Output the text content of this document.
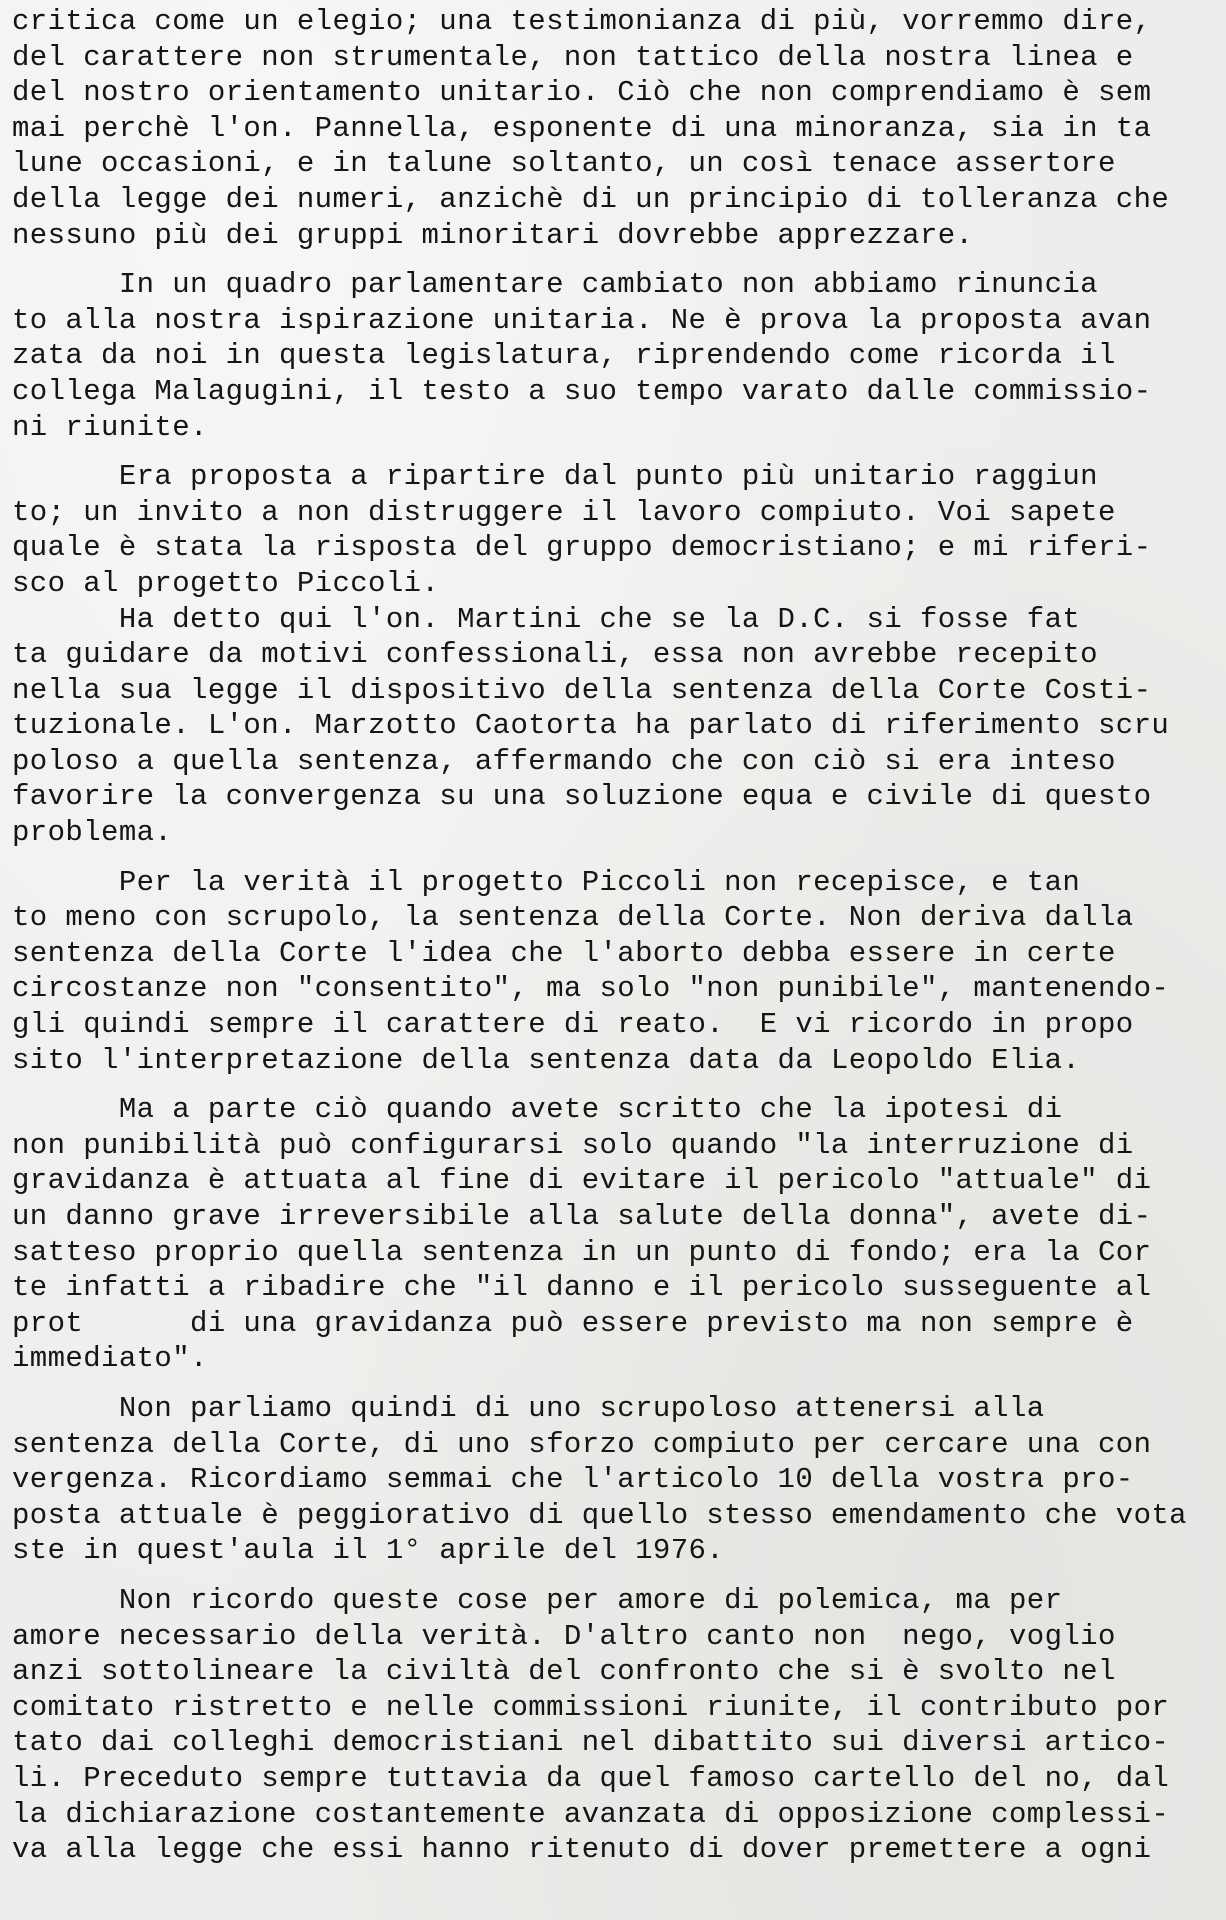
critica come un elegio; una testimonianza di più, vorremmo dire,
del carattere non strumentale, non tattico della nostra linea e
del nostro orientamento unitario. Ciò che non comprendiamo è sem
mai perchè l'on. Pannella, esponente di una minoranza, sia in ta
lune occasioni, e in talune soltanto, un così tenace assertore
della legge dei numeri, anzichè di un principio di tolleranza che
nessuno più dei gruppi minoritari dovrebbe apprezzare.
In un quadro parlamentare cambiato non abbiamo rinuncia
to alla nostra ispirazione unitaria. Ne è prova la proposta avan
zata da noi in questa legislatura, riprendendo come ricorda il
collega Malagugini, il testo a suo tempo varato dalle commissio-
ni riunite.
Era proposta a ripartire dal punto più unitario raggiun
to; un invito a non distruggere il lavoro compiuto. Voi sapete
quale è stata la risposta del gruppo democristiano; e mi riferi-
sco al progetto Piccoli.
Ha detto qui l'on. Martini che se la D.C. si fosse fat
ta guidare da motivi confessionali, essa non avrebbe recepito
nella sua legge il dispositivo della sentenza della Corte Costi-
tuzionale. L'on. Marzotto Caotorta ha parlato di riferimento scru
poloso a quella sentenza, affermando che con ciò si era inteso
favorire la convergenza su una soluzione equa e civile di questo
problema.
Per la verità il progetto Piccoli non recepisce, e tan
to meno con scrupolo, la sentenza della Corte. Non deriva dalla
sentenza della Corte l'idea che l'aborto debba essere in certe
circostanze non "consentito", ma solo "non punibile", mantenendo-
gli quindi sempre il carattere di reato.  E vi ricordo in propo
sito l'interpretazione della sentenza data da Leopoldo Elia.
Ma a parte ciò quando avete scritto che la ipotesi di
non punibilità può configurarsi solo quando "la interruzione di
gravidanza è attuata al fine di evitare il pericolo "attuale" di
un danno grave irreversibile alla salute della donna", avete di-
satteso proprio quella sentenza in un punto di fondo; era la Cor
te infatti a ribadire che "il danno e il pericolo susseguente al
prot      di una gravidanza può essere previsto ma non sempre è
immediato".
Non parliamo quindi di uno scrupoloso attenersi alla
sentenza della Corte, di uno sforzo compiuto per cercare una con
vergenza. Ricordiamo semmai che l'articolo 10 della vostra pro-
posta attuale è peggiorativo di quello stesso emendamento che vota
ste in quest'aula il 1° aprile del 1976.
Non ricordo queste cose per amore di polemica, ma per
amore necessario della verità. D'altro canto non  nego, voglio
anzi sottolineare la civiltà del confronto che si è svolto nel
comitato ristretto e nelle commissioni riunite, il contributo por
tato dai colleghi democristiani nel dibattito sui diversi artico-
li. Preceduto sempre tuttavia da quel famoso cartello del no, dal
la dichiarazione costantemente avanzata di opposizione complessi-
va alla legge che essi hanno ritenuto di dover premettere a ogni
